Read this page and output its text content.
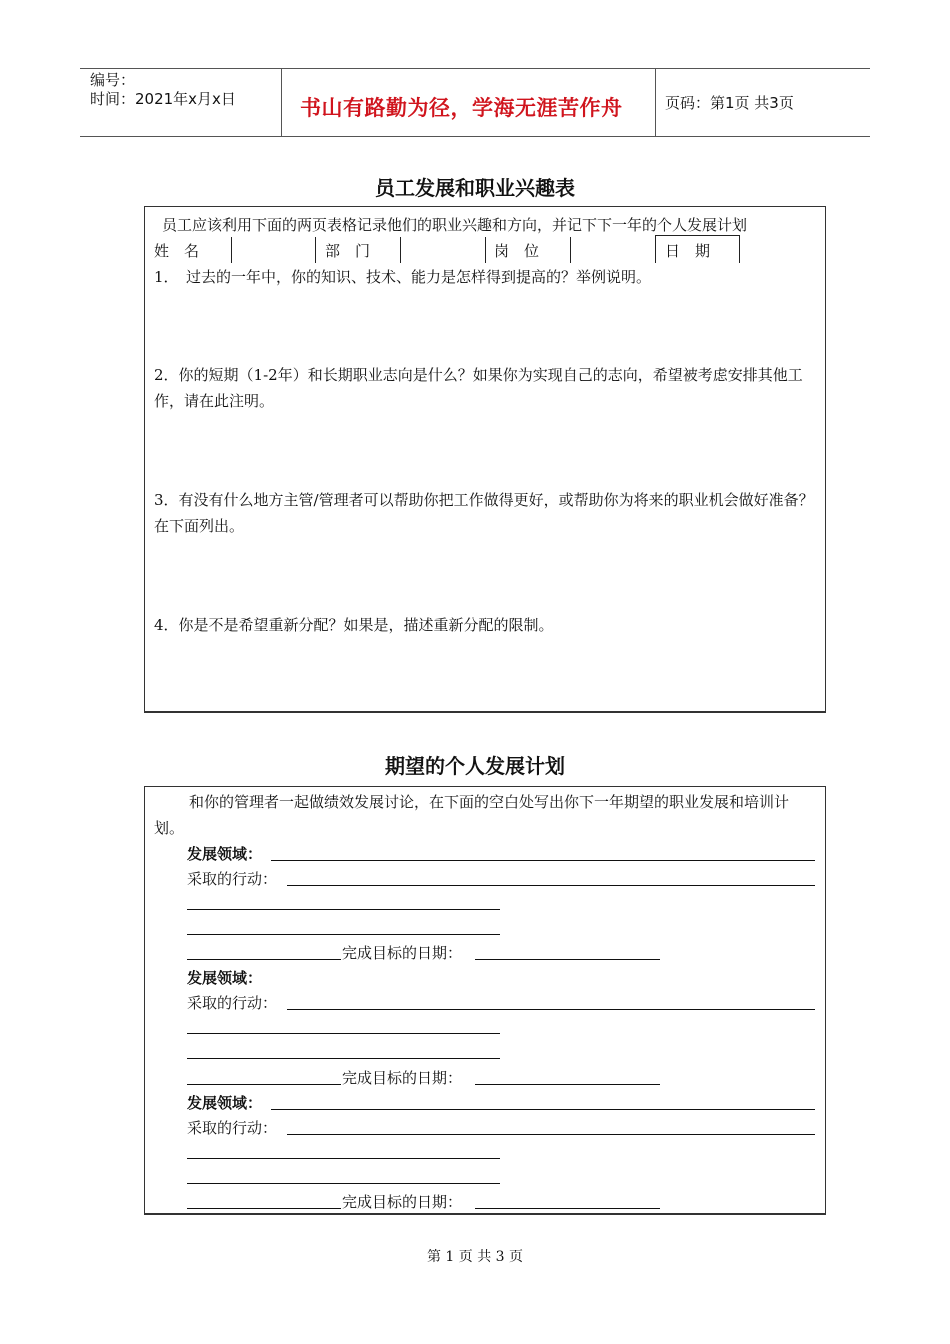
编号：
时间：2021年x月x日	书山有路勤为径，学海无涯苦作舟	页码：第1页 共3页
员工发展和职业兴趣表
员工应该利用下面的两页表格记录他们的职业兴趣和方向，并记下下一年的个人发展计划
姓　名	部　门	岗　位	日　期
1．　过去的一年中，你的知识、技术、能力是怎样得到提高的？举例说明。
2．你的短期（1-2年）和长期职业志向是什么？如果你为实现自己的志向，希望被考虑安排其他工作，请在此注明。
3．有没有什么地方主管/管理者可以帮助你把工作做得更好，或帮助你为将来的职业机会做好准备？在下面列出。
4．你是不是希望重新分配？如果是，描述重新分配的限制。
期望的个人发展计划
和你的管理者一起做绩效发展讨论，在下面的空白处写出你下一年期望的职业发展和培训计划。
发展领域：
采取的行动：
完成目标的日期：
发展领域：
采取的行动：
完成目标的日期：
发展领域：
采取的行动：
完成目标的日期：
第 1 页 共 3 页
